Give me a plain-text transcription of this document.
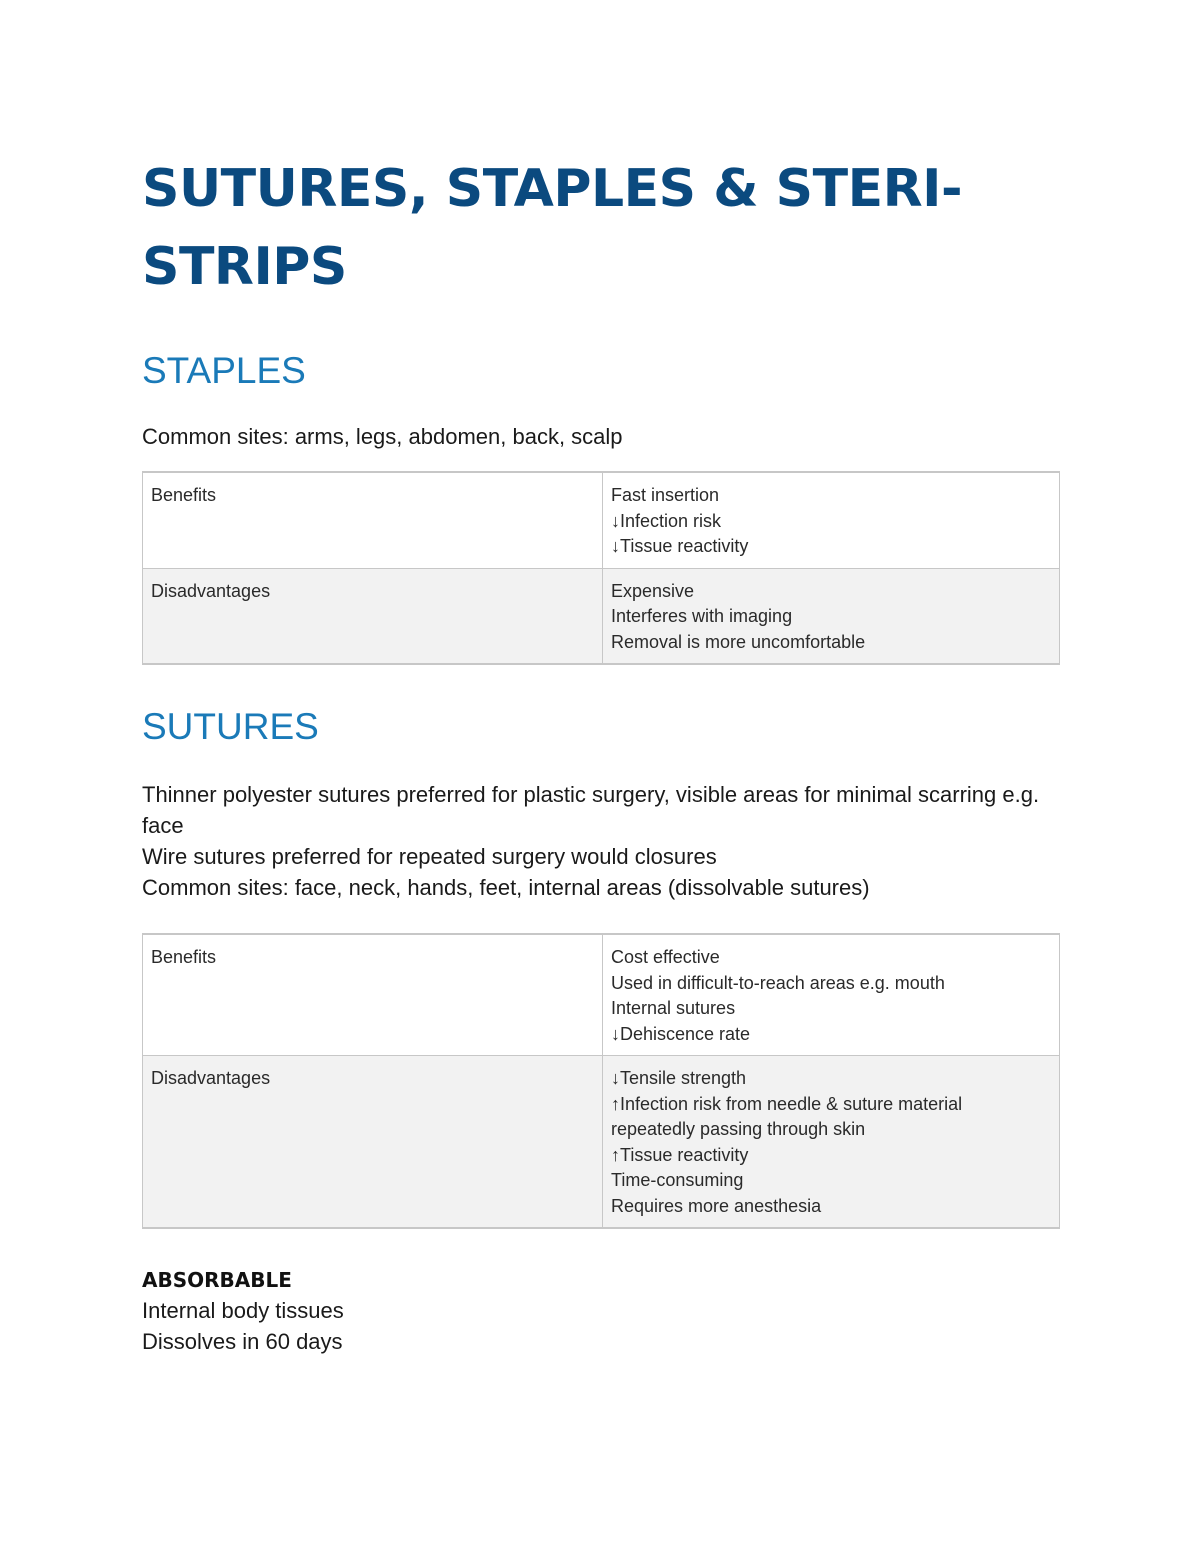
SUTURES, STAPLES & STERI-STRIPS
STAPLES

Common sites: arms, legs, abdomen, back, scalp

Benefits	Fast insertion
↓Infection risk
↓Tissue reactivity

Disadvantages	Expensive
Interferes with imaging
Removal is more uncomfortable
SUTURES

Thinner polyester sutures preferred for plastic surgery, visible areas for minimal scarring e.g. face

Wire sutures preferred for repeated surgery would closures

Common sites: face, neck, hands, feet, internal areas (dissolvable sutures)

Benefits	Cost effective
Used in difficult-to-reach areas e.g. mouth
Internal sutures
↓Dehiscence rate

Disadvantages	↓Tensile strength
↑Infection risk from needle & suture material repeatedly passing through skin
↑Tissue reactivity
Time-consuming
Requires more anesthesia
ABSORBABLE

Internal body tissues

Dissolves in 60 days
